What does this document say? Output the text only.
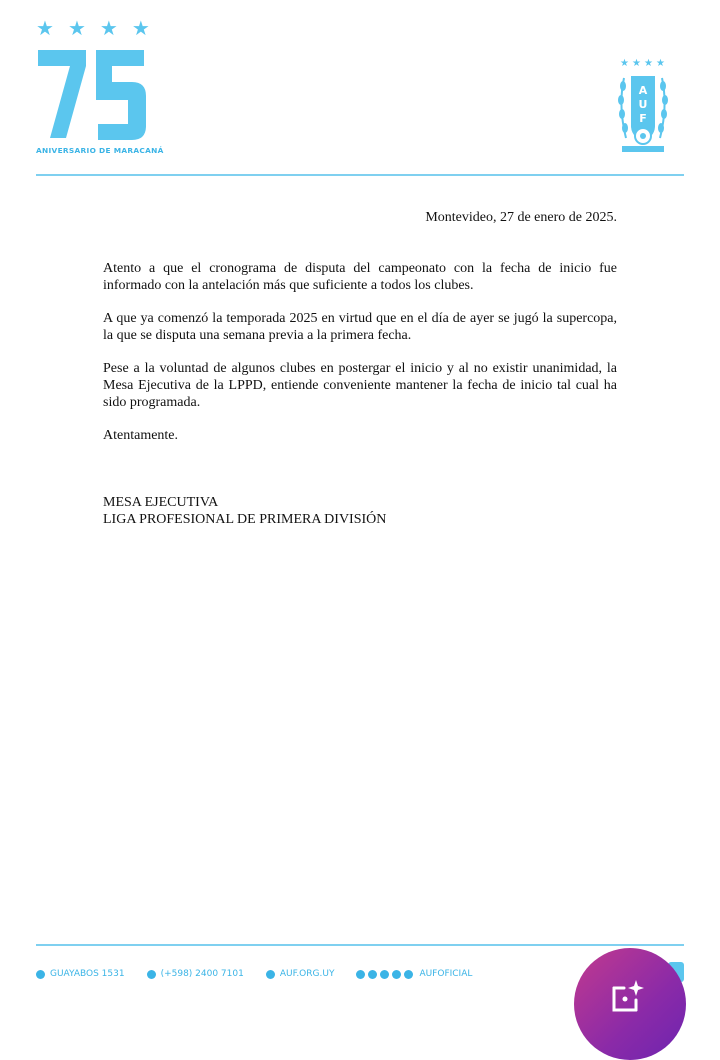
★ ★ ★ ★
ANIVERSARIO DE MARACANÁ
★ ★ ★ ★
A
U
F
Montevideo, 27 de enero de 2025.

Atento a que el cronograma de disputa del campeonato con la fecha de inicio fue informado con la antelación más que suficiente a todos los clubes.

A que ya comenzó la temporada 2025 en virtud que en el día de ayer se jugó la supercopa, la que se disputa una semana previa a la primera fecha.

Pese a la voluntad de algunos clubes en postergar el inicio y al no existir unanimidad, la Mesa Ejecutiva de la LPPD, entiende conveniente mantener la fecha de inicio tal cual ha sido programada.

Atentamente.

MESA EJECUTIVA
LIGA PROFESIONAL DE PRIMERA DIVISIÓN
GUAYABOS 1531	(+598) 2400 7101	AUF.ORG.UY	AUFOFICIAL
